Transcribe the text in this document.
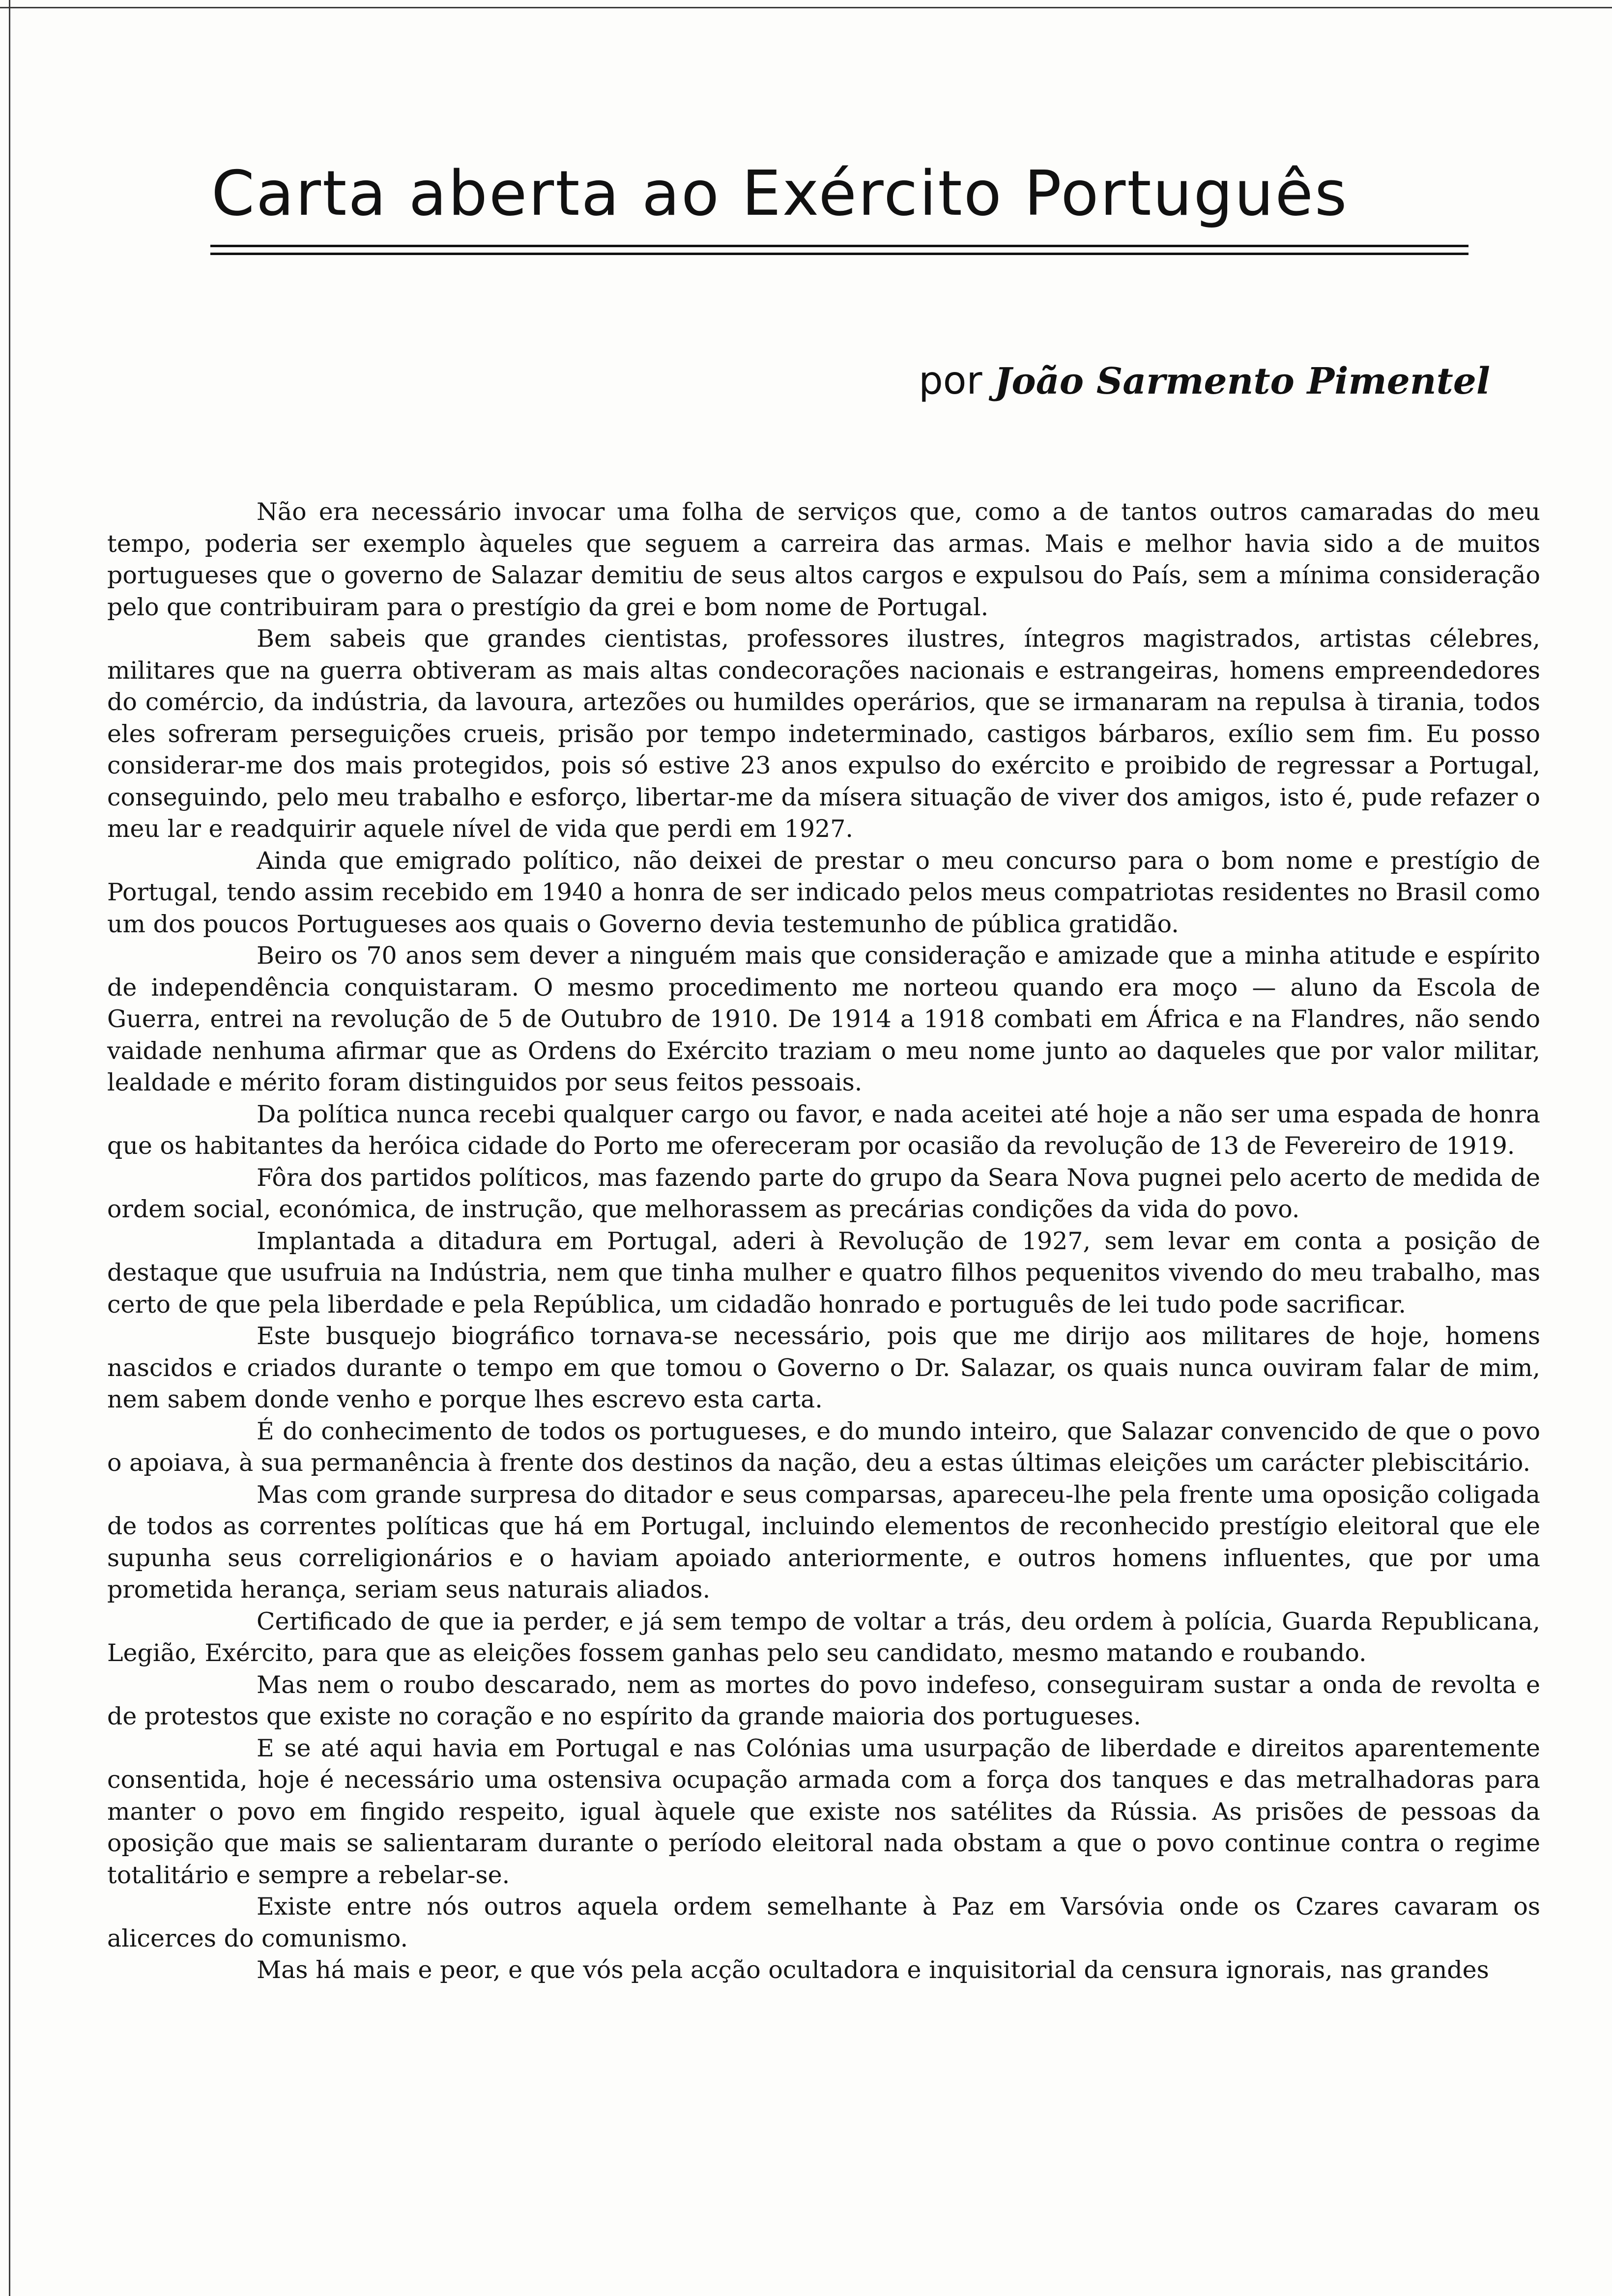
Carta aberta ao Exército Português
por João Sarmento Pimentel

Não era necessário invocar uma folha de serviços que, como a de tantos outros camaradas do meu tempo, poderia ser exemplo àqueles que seguem a carreira das armas. Mais e melhor havia sido a de muitos portugueses que o governo de Salazar demitiu de seus altos cargos e expulsou do País, sem a mínima consideração pelo que contribuiram para o prestígio da grei e bom nome de Portugal.

Bem sabeis que grandes cientistas, professores ilustres, íntegros magistrados, artistas célebres, militares que na guerra obtiveram as mais altas condecorações nacionais e estrangeiras, homens empreendedores do comércio, da indústria, da lavoura, artezões ou humildes operários, que se irmanaram na repulsa à tirania, todos eles sofreram perseguições crueis, prisão por tempo indeterminado, castigos bárbaros, exílio sem fim. Eu posso considerar-me dos mais protegidos, pois só estive 23 anos expulso do exército e proibido de regressar a Portugal, conseguindo, pelo meu trabalho e esforço, libertar-me da mísera situação de viver dos amigos, isto é, pude refazer o meu lar e readquirir aquele nível de vida que perdi em 1927.

Ainda que emigrado político, não deixei de prestar o meu concurso para o bom nome e prestígio de Portugal, tendo assim recebido em 1940 a honra de ser indicado pelos meus compatriotas residentes no Brasil como um dos poucos Portugueses aos quais o Governo devia testemunho de pública gratidão.

Beiro os 70 anos sem dever a ninguém mais que consideração e amizade que a minha atitude e espírito de independência conquistaram. O mesmo procedimento me norteou quando era moço — aluno da Escola de Guerra, entrei na revolução de 5 de Outubro de 1910. De 1914 a 1918 combati em África e na Flandres, não sendo vaidade nenhuma afirmar que as Ordens do Exército traziam o meu nome junto ao daqueles que por valor militar, lealdade e mérito foram distinguidos por seus feitos pessoais.

Da política nunca recebi qualquer cargo ou favor, e nada aceitei até hoje a não ser uma espada de honra que os habitantes da heróica cidade do Porto me ofereceram por ocasião da revolução de 13 de Fevereiro de 1919.

Fôra dos partidos políticos, mas fazendo parte do grupo da Seara Nova pugnei pelo acerto de medida de ordem social, económica, de instrução, que melhorassem as precárias condições da vida do povo.

Implantada a ditadura em Portugal, aderi à Revolução de 1927, sem levar em conta a posição de destaque que usufruia na Indústria, nem que tinha mulher e quatro filhos pequenitos vivendo do meu trabalho, mas certo de que pela liberdade e pela República, um cidadão honrado e português de lei tudo pode sacrificar.

Este busquejo biográfico tornava-se necessário, pois que me dirijo aos militares de hoje, homens nascidos e criados durante o tempo em que tomou o Governo o Dr. Salazar, os quais nunca ouviram falar de mim, nem sabem donde venho e porque lhes escrevo esta carta.

É do conhecimento de todos os portugueses, e do mundo inteiro, que Salazar convencido de que o povo o apoiava, à sua permanência à frente dos destinos da nação, deu a estas últimas eleições um carácter plebiscitário.

Mas com grande surpresa do ditador e seus comparsas, apareceu-lhe pela frente uma oposição coligada de todos as correntes políticas que há em Portugal, incluindo elementos de reconhecido prestígio eleitoral que ele supunha seus correligionários e o haviam apoiado anteriormente, e outros homens influentes, que por uma prometida herança, seriam seus naturais aliados.

Certificado de que ia perder, e já sem tempo de voltar a trás, deu ordem à polícia, Guarda Republicana, Legião, Exército, para que as eleições fossem ganhas pelo seu candidato, mesmo matando e roubando.

Mas nem o roubo descarado, nem as mortes do povo indefeso, conseguiram sustar a onda de revolta e de protestos que existe no coração e no espírito da grande maioria dos portugueses.

E se até aqui havia em Portugal e nas Colónias uma usurpação de liberdade e direitos aparentemente consentida, hoje é necessário uma ostensiva ocupação armada com a força dos tanques e das metralhadoras para manter o povo em fingido respeito, igual àquele que existe nos satélites da Rússia. As prisões de pessoas da oposição que mais se salientaram durante o período eleitoral nada obstam a que o povo continue contra o regime totalitário e sempre a rebelar-se.

Existe entre nós outros aquela ordem semelhante à Paz em Varsóvia onde os Czares cavaram os alicerces do comunismo.

Mas há mais e peor, e que vós pela acção ocultadora e inquisitorial da censura ignorais, nas grandes
